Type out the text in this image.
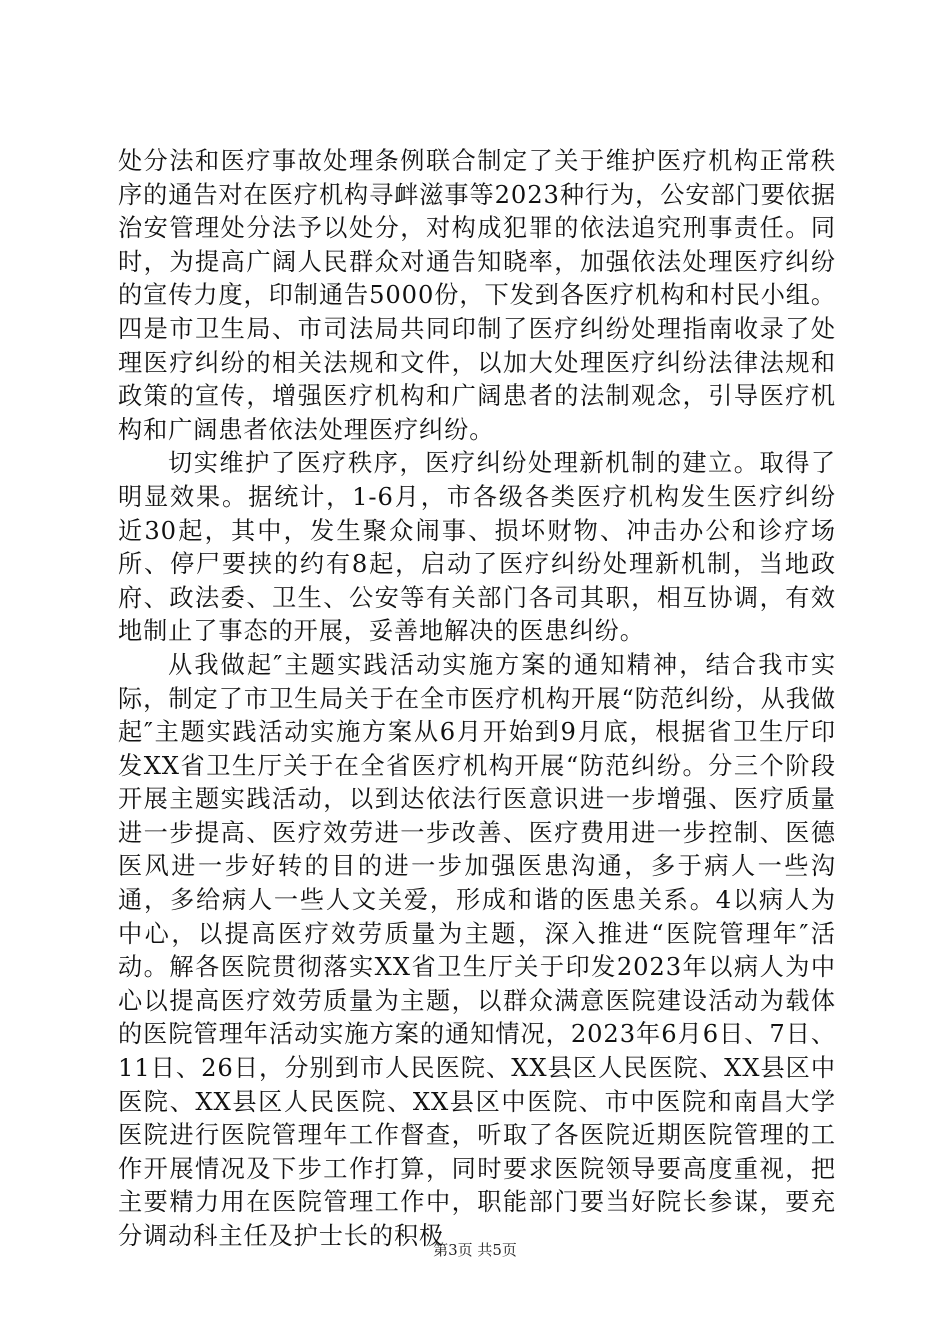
处分法和医疗事故处理条例联合制定了关于维护医疗机构正常秩序的通告对在医疗机构寻衅滋事等2023种行为，公安部门要依据治安管理处分法予以处分，对构成犯罪的依法追究刑事责任。同时，为提高广阔人民群众对通告知晓率，加强依法处理医疗纠纷的宣传力度，印制通告5000份，下发到各医疗机构和村民小组。四是市卫生局、市司法局共同印制了医疗纠纷处理指南收录了处理医疗纠纷的相关法规和文件，以加大处理医疗纠纷法律法规和政策的宣传，增强医疗机构和广阔患者的法制观念，引导医疗机构和广阔患者依法处理医疗纠纷。

切实维护了医疗秩序，医疗纠纷处理新机制的建立。取得了明显效果。据统计，1-6月，市各级各类医疗机构发生医疗纠纷近30起，其中，发生聚众闹事、损坏财物、冲击办公和诊疗场所、停尸要挟的约有8起，启动了医疗纠纷处理新机制，当地政府、政法委、卫生、公安等有关部门各司其职，相互协调，有效地制止了事态的开展，妥善地解决的医患纠纷。

从我做起″主题实践活动实施方案的通知精神，结合我市实际，制定了市卫生局关于在全市医疗机构开展“防范纠纷，从我做起″主题实践活动实施方案从6月开始到9月底，根据省卫生厅印发XX省卫生厅关于在全省医疗机构开展“防范纠纷。分三个阶段开展主题实践活动，以到达依法行医意识进一步增强、医疗质量进一步提高、医疗效劳进一步改善、医疗费用进一步控制、医德医风进一步好转的目的进一步加强医患沟通，多于病人一些沟通，多给病人一些人文关爱，形成和谐的医患关系。4以病人为中心，以提高医疗效劳质量为主题，深入推进“医院管理年″活动。解各医院贯彻落实XX省卫生厅关于印发2023年以病人为中心以提高医疗效劳质量为主题，以群众满意医院建设活动为载体的医院管理年活动实施方案的通知情况，2023年6月6日、7日、11日、26日，分别到市人民医院、XX县区人民医院、XX县区中医院、XX县区人民医院、XX县区中医院、市中医院和南昌大学医院进行医院管理年工作督查，听取了各医院近期医院管理的工作开展情况及下步工作打算，同时要求医院领导要高度重视，把主要精力用在医院管理工作中，职能部门要当好院长参谋，要充分调动科主任及护士长的积极

第3页 共5页
